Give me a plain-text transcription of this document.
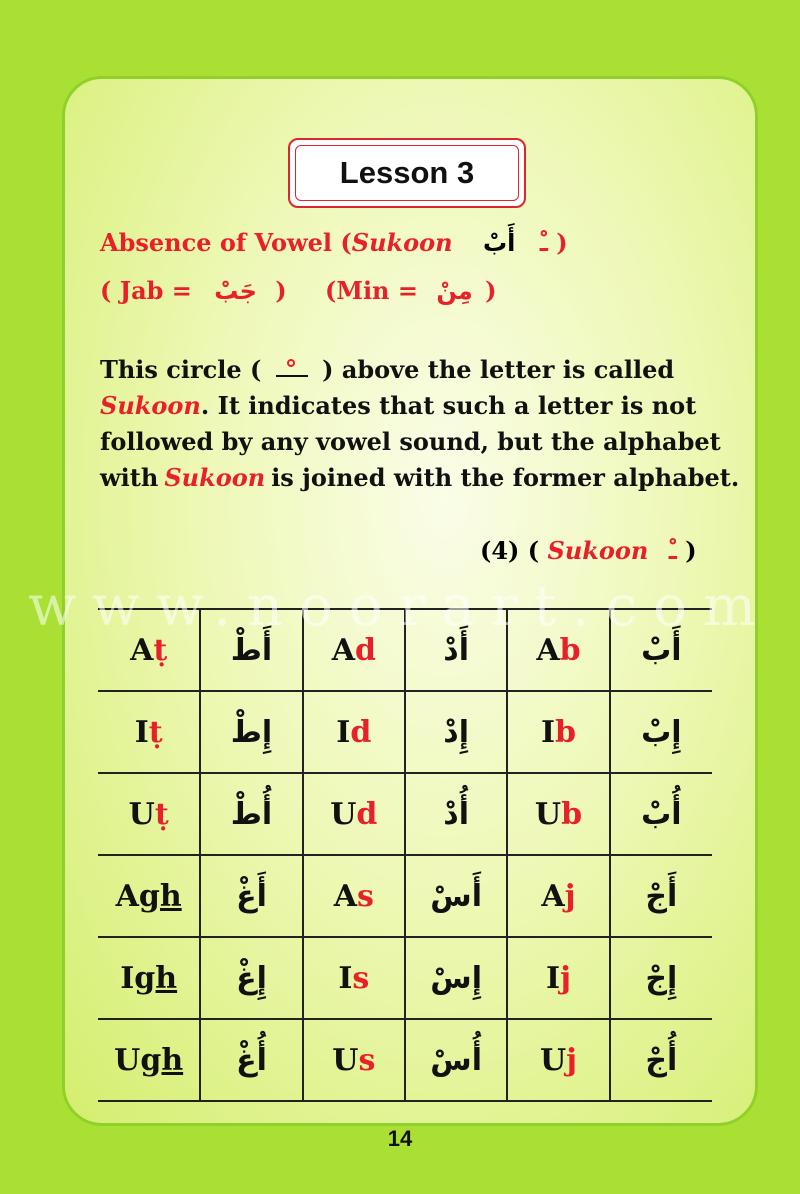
Lesson 3
Absence of Vowel (Sukoon	ـْ أَبْ )
( Jab = جَبْ ) (Min = مِنْ )
This circle (	) above the letter is called
Sukoon. It indicates that such a letter is not
followed by any vowel sound, but the alphabet
with Sukoon is joined with the former alphabet.
(4) ( Sukoon ـْ )
Aṭ	أَطْ	Ad	أَدْ	Ab	أَبْ
Iṭ	إِطْ	Id	إِدْ	Ib	إِبْ
Uṭ	أُطْ	Ud	أُدْ	Ub	أُبْ
Agh	أَغْ	As	أَسْ	Aj	أَجْ
Igh	إِغْ	Is	إِسْ	Ij	إِجْ
Ugh	أُغْ	Us	أُسْ	Uj	أُجْ
www.noorart.com
14
